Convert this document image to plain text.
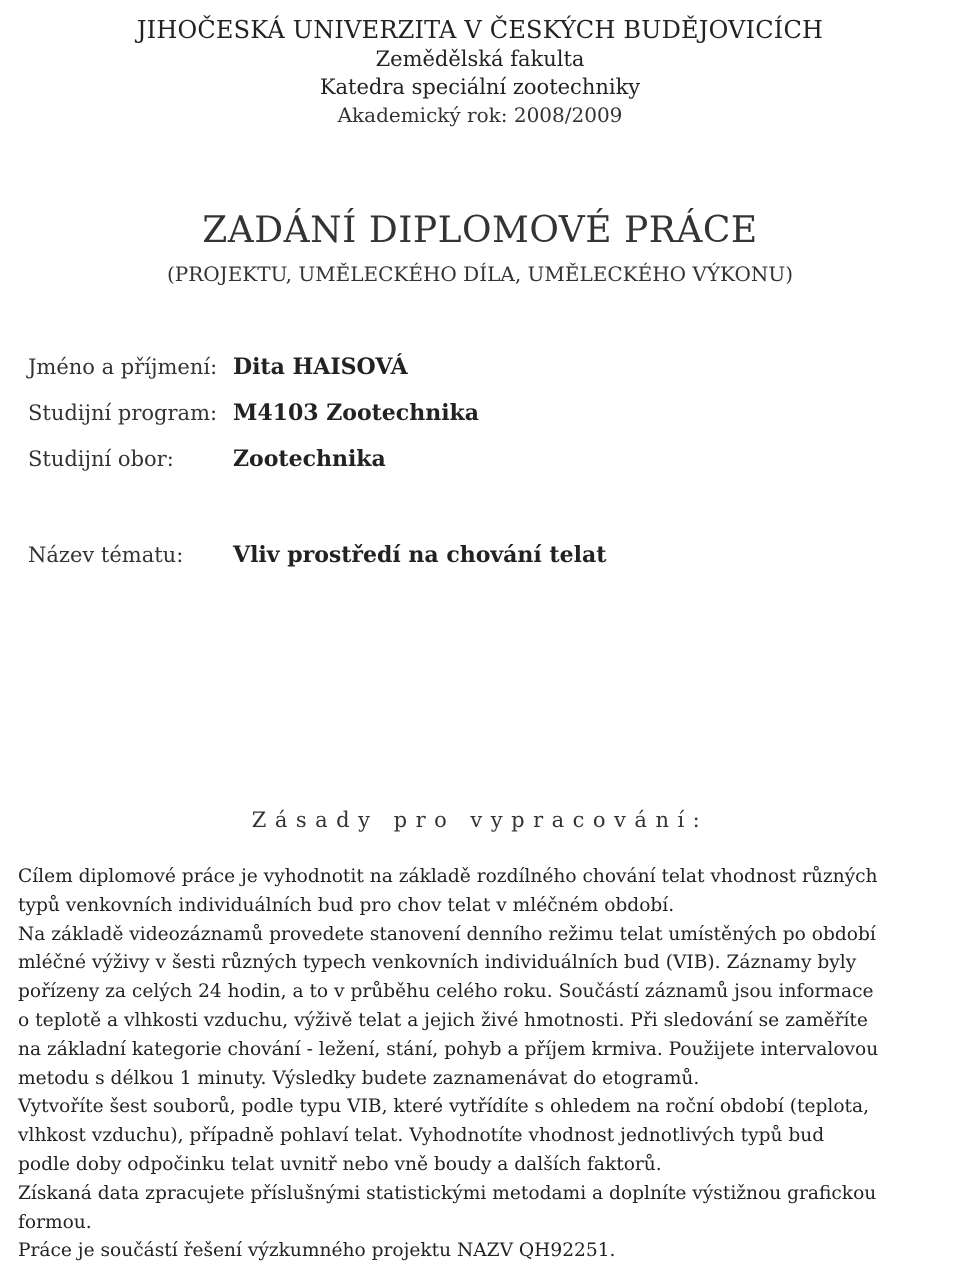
JIHOČESKÁ UNIVERZITA V ČESKÝCH BUDĚJOVICÍCH
Zemědělská fakulta
Katedra speciální zootechniky
Akademický rok: 2008/2009
ZADÁNÍ DIPLOMOVÉ PRÁCE
(PROJEKTU, UMĚLECKÉHO DÍLA, UMĚLECKÉHO VÝKONU)
Jméno a příjmení: Dita HAISOVÁ
Studijní program: M4103 Zootechnika
Studijní obor:	Zootechnika
Název tématu: Vliv prostředí na chování telat
Zásady pro vypracování:
Cílem diplomové práce je vyhodnotit na základě rozdílného chování telat vhodnost různých
typů venkovních individuálních bud pro chov telat v mléčném období.
Na základě videozáznamů provedete stanovení denního režimu telat umístěných po období
mléčné výživy v šesti různých typech venkovních individuálních bud (VIB). Záznamy byly
pořízeny za celých 24 hodin, a to v průběhu celého roku. Součástí záznamů jsou informace
o teplotě a vlhkosti vzduchu, výživě telat a jejich živé hmotnosti. Při sledování se zaměříte
na základní kategorie chování - ležení, stání, pohyb a příjem krmiva. Použijete intervalovou
metodu s délkou 1 minuty. Výsledky budete zaznamenávat do etogramů.
Vytvoříte šest souborů, podle typu VIB, které vytřídíte s ohledem na roční období (teplota,
vlhkost vzduchu), případně pohlaví telat. Vyhodnotíte vhodnost jednotlivých typů bud
podle doby odpočinku telat uvnitř nebo vně boudy a dalších faktorů.
Získaná data zpracujete příslušnými statistickými metodami a doplníte výstižnou grafickou
formou.
Práce je součástí řešení výzkumného projektu NAZV QH92251.
